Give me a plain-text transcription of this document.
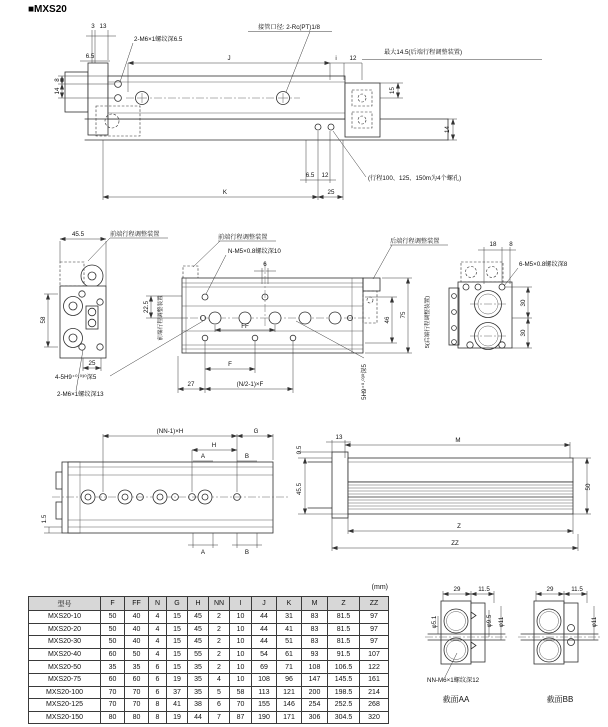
■MXS20
3 13
6.5
2-M6×1螺纹深6.5
接管口径: 2-Rc(PT)1/8
J	i 12
最大14.5(后端行程调整装置)
15
14
8
14
(行程100、125、150m为4个螺孔)
6.5 12
K	25
45.5	前端行程调整装置
58
25
2-M6×1螺纹深13
6
前端行程调整装置
N-M5×0.8螺纹深10
22.5	前端行程调整装置	FF
F
27	(N/2-1)×F
4-5H9⁺⁰·⁰³⁰深5	5H9⁺⁰·⁰³⁰深5
后端行程调整装置
46
75	5(后端行程调整装置)
18 8
6-M5×0.8螺纹深8
30
30
(NN-1)×H	G
H
A	B
A	B
1.5
13	M
0.5
45.5	50
Z
ZZ
29	11.5
φ5.1	φ9.5 φ11
NN-M6×1螺纹深12
截面AA
29	11.5
φ11
截面BB
(mm)
型号	F	FF	N	G	H	NN	I	J	K	M	Z	ZZ
MXS20-10	50	40	4	15	45	2	10	44	31	83	81.5	97
MXS20-20	50	40	4	15	45	2	10	44	41	83	81.5	97
MXS20-30	50	40	4	15	45	2	10	44	51	83	81.5	97
MXS20-40	60	50	4	15	55	2	10	54	61	93	91.5	107
MXS20-50	35	35	6	15	35	2	10	69	71	108	106.5	122
MXS20-75	60	60	6	19	35	4	10	108	96	147	145.5	161
MXS20-100	70	70	6	37	35	5	58	113	121	200	198.5	214
MXS20-125	70	70	8	41	38	6	70	155	146	254	252.5	268
MXS20-150	80	80	8	19	44	7	87	190	171	306	304.5	320
